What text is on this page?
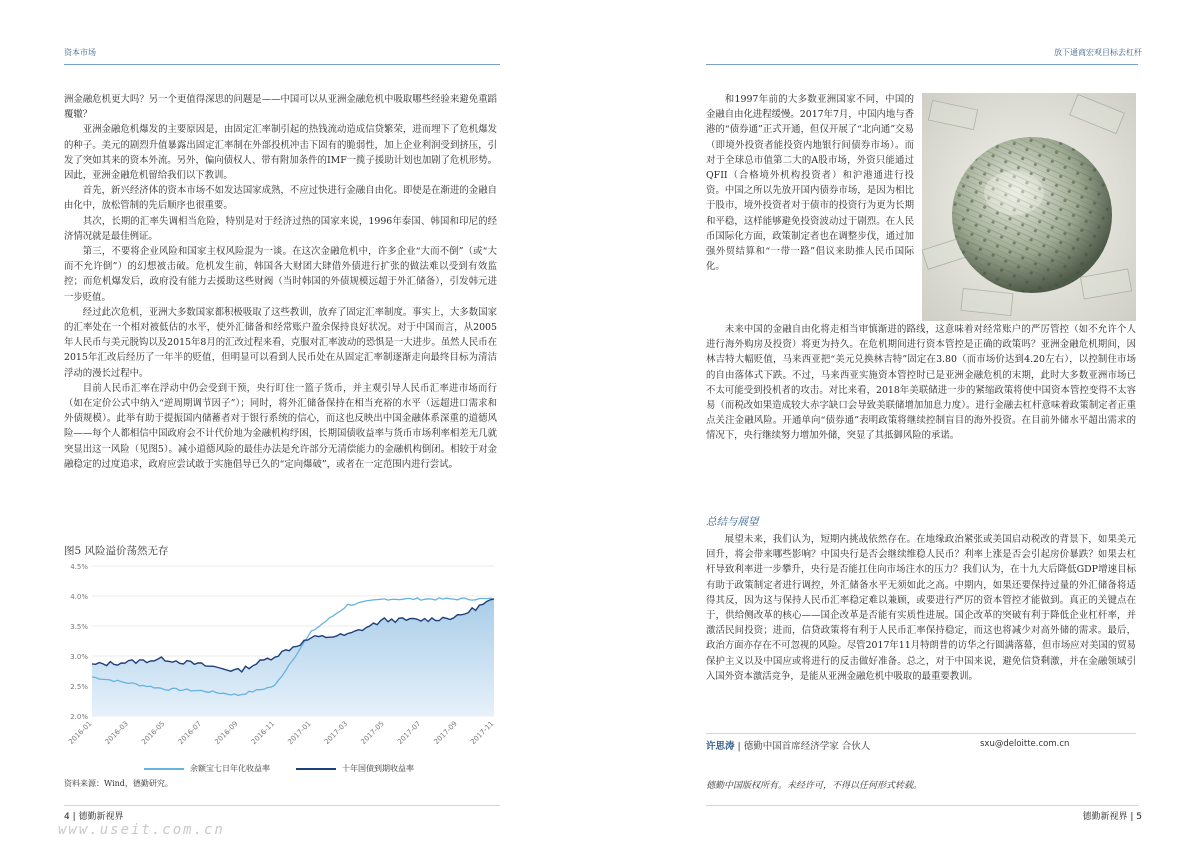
资本市场	放下通商宏观目标去杠杆

洲金融危机更大吗？另一个更值得深思的问题是——中国可以从亚洲金融危机中吸取哪些经验来避免重蹈覆辙？

亚洲金融危机爆发的主要原因是，由固定汇率制引起的热钱流动造成信贷繁荣，进而埋下了危机爆发的种子。美元的剧烈升值暴露出固定汇率制在外部投机冲击下固有的脆弱性，加上企业利润受到挤压，引发了突如其来的资本外流。另外，偏向债权人、带有附加条件的IMF一揽子援助计划也加剧了危机形势。因此，亚洲金融危机留给我们以下教训。

首先，新兴经济体的资本市场不如发达国家成熟，不应过快进行金融自由化。即使是在渐进的金融自由化中，放松管制的先后顺序也很重要。

其次，长期的汇率失调相当危险，特别是对于经济过热的国家来说，1996年泰国、韩国和印尼的经济情况就是最佳例证。

第三，不要将企业风险和国家主权风险混为一谈。在这次金融危机中，许多企业“大而不倒”（或“大而不允许倒”）的幻想被击破。危机发生前，韩国各大财团大肆借外债进行扩张的做法难以受到有效监控；而危机爆发后，政府没有能力去援助这些财阀（当时韩国的外债规模远超于外汇储备），引发韩元进一步贬值。

经过此次危机，亚洲大多数国家都积极吸取了这些教训，放弃了固定汇率制度。事实上，大多数国家的汇率处在一个相对被低估的水平，使外汇储备和经常账户盈余保持良好状况。对于中国而言，从2005年人民币与美元脱钩以及2015年8月的汇改过程来看，克服对汇率波动的恐惧是一大进步。虽然人民币在2015年汇改后经历了一年半的贬值，但明显可以看到人民币处在从固定汇率制逐渐走向最终目标为清洁浮动的漫长过程中。

目前人民币汇率在浮动中仍会受到干预，央行盯住一篮子货币，并主观引导人民币汇率进市场而行（如在定价公式中纳入“逆周期调节因子”）；同时，将外汇储备保持在相当充裕的水平（远超进口需求和外债规模）。此举有助于提振国内储蓄者对于银行系统的信心，而这也反映出中国金融体系深重的道德风险——每个人都相信中国政府会不计代价地为金融机构纾困，长期国债收益率与货币市场利率相差无几就突显出这一风险（见图5）。减小道德风险的最佳办法是允许部分无清偿能力的金融机构倒闭。相较于对金融稳定的过度追求，政府应尝试敢于实施倡导已久的“定向爆破”，或者在一定范围内进行尝试。

图5 风险溢价荡然无存
2.0%
2.5%
3.0%
3.5%
4.0%
4.5%
2016-01 2016-03 2016-05 2016-07 2016-09 2016-11 2017-01 2017-03 2017-05 2017-07 2017-09 2017-11
余额宝七日年化收益率	十年国债到期收益率
资料来源：Wind，德勤研究。

和1997年前的大多数亚洲国家不同，中国的金融自由化进程缓慢。2017年7月，中国内地与香港的“债券通”正式开通，但仅开展了“北向通”交易（即境外投资者能投资内地银行间债券市场）。而对于全球总市值第二大的A股市场，外资只能通过QFII（合格境外机构投资者）和沪港通进行投资。中国之所以先放开国内债券市场，是因为相比于股市，境外投资者对于债市的投资行为更为长期和平稳，这样能够避免投资波动过于剧烈。在人民币国际化方面，政策制定者也在调整步伐，通过加强外贸结算和“一带一路”倡议来助推人民币国际化。

未来中国的金融自由化将走相当审慎渐进的路线，这意味着对经常账户的严厉管控（如不允许个人进行海外购房及投资）将更为持久。在危机期间进行资本管控是正确的政策吗？亚洲金融危机期间，因林吉特大幅贬值，马来西亚把“美元兑换林吉特”固定在3.80（而市场价达到4.20左右），以控制住市场的自由落体式下跌。不过，马来西亚实施资本管控时已是亚洲金融危机的末期，此时大多数亚洲市场已不太可能受到投机者的攻击。对比来看，2018年美联储进一步的紧缩政策将使中国资本管控变得不太容易（而税改如果造成较大赤字缺口会导致美联储增加加息力度）。进行金融去杠杆意味着政策制定者正重点关注金融风险。开通单向“债券通”表明政策将继续控制盲目的海外投资。在目前外储水平超出需求的情况下，央行继续努力增加外储，突显了其抵御风险的承诺。

总结与展望

展望未来，我们认为，短期内挑战依然存在。在地缘政治紧张或美国启动税改的背景下，如果美元回升，将会带来哪些影响？中国央行是否会继续维稳人民币？利率上涨是否会引起房价暴跌？如果去杠杆导致利率进一步攀升，央行是否能扛住向市场注水的压力？我们认为，在十九大后降低GDP增速目标有助于政策制定者进行调控，外汇储备水平无须如此之高。中期内，如果还要保持过量的外汇储备将适得其反，因为这与保持人民币汇率稳定难以兼顾，或要进行严厉的资本管控才能做到。真正的关键点在于，供给侧改革的核心——国企改革是否能有实质性进展。国企改革的突破有利于降低企业杠杆率，并激活民间投资；进而，信贷政策将有利于人民币汇率保持稳定，而这也将减少对高外储的需求。最后，政治方面亦存在不可忽视的风险。尽管2017年11月特朗普的访华之行圆满落幕，但市场应对美国的贸易保护主义以及中国应或将进行的反击做好准备。总之，对于中国来说，避免信贷剩激，并在金融领域引入国外资本激活竞争，是能从亚洲金融危机中吸取的最重要教训。

许思涛 | 德勤中国首席经济学家 合伙人	sxu@deloitte.com.cn
德勤中国版权所有。未经许可，不得以任何形式转载。
4 | 德勤新视界	德勤新视界 | 5
www.useit.com.cn
